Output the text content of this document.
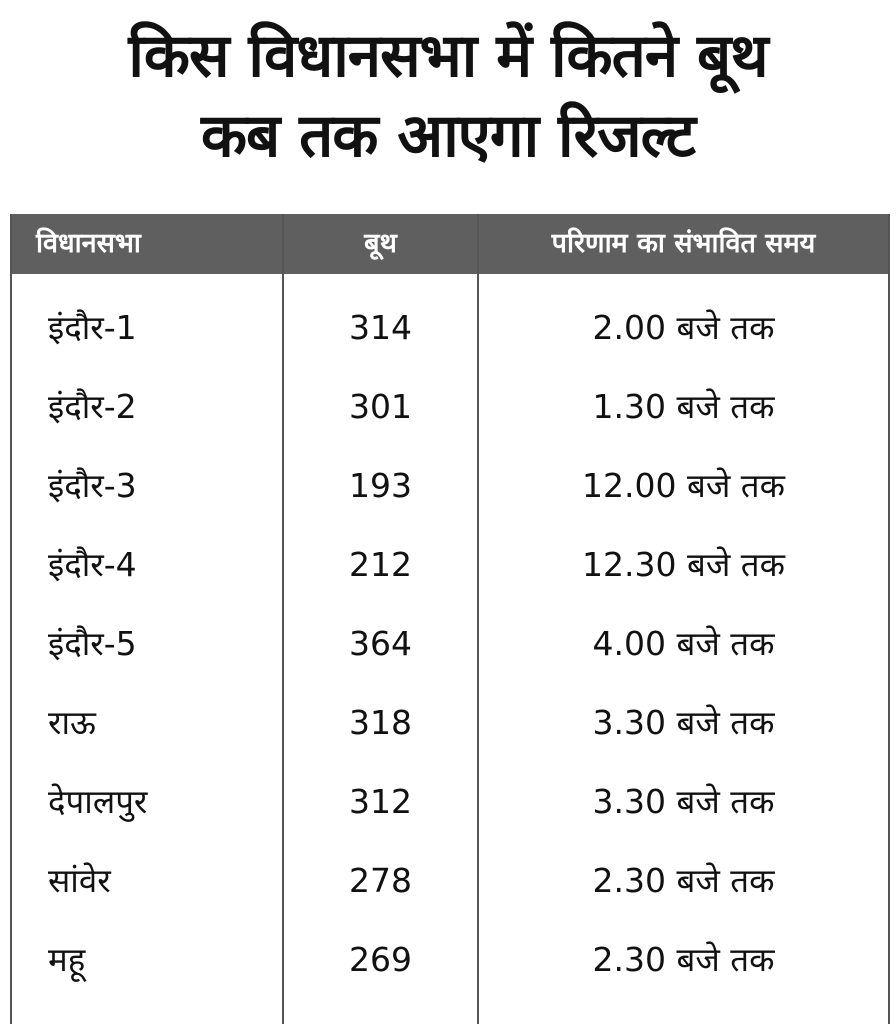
किस विधानसभा में कितने बूथ
कब तक आएगा रिजल्ट
विधानसभा	बूथ	परिणाम का संभावित समय
इंदौर-1	314	2.00 बजे तक
इंदौर-2	301	1.30 बजे तक
इंदौर-3	193	12.00 बजे तक
इंदौर-4	212	12.30 बजे तक
इंदौर-5	364	4.00 बजे तक
राऊ	318	3.30 बजे तक
देपालपुर	312	3.30 बजे तक
सांवेर	278	2.30 बजे तक
महू	269	2.30 बजे तक
